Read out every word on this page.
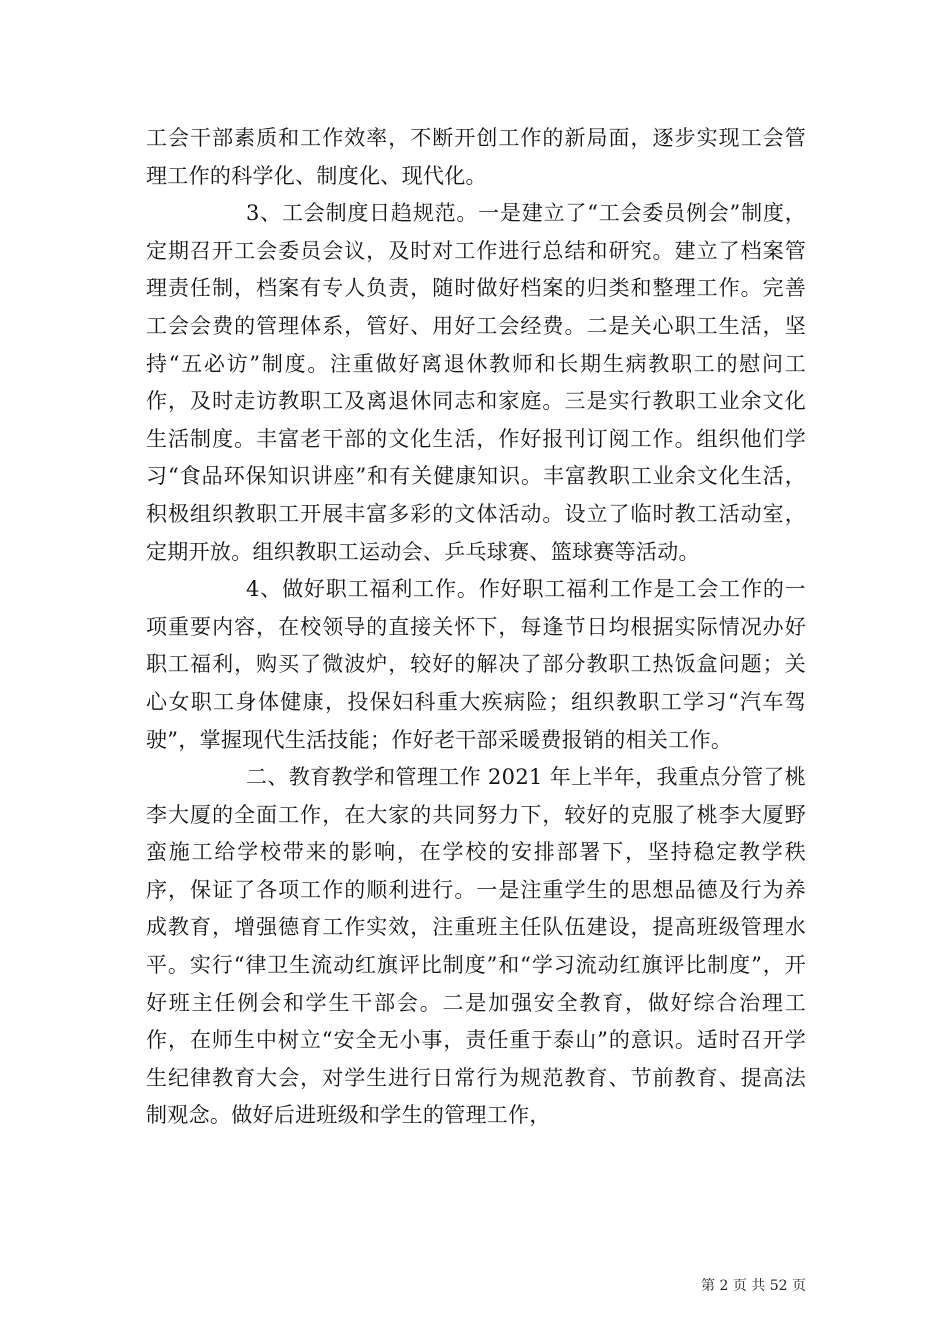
工会干部素质和工作效率，不断开创工作的新局面，逐步实现工会管理工作的科学化、制度化、现代化。

3、工会制度日趋规范。一是建立了“工会委员例会”制度，定期召开工会委员会议，及时对工作进行总结和研究。建立了档案管理责任制，档案有专人负责，随时做好档案的归类和整理工作。完善工会会费的管理体系，管好、用好工会经费。二是关心职工生活，坚持“五必访”制度。注重做好离退休教师和长期生病教职工的慰问工作，及时走访教职工及离退休同志和家庭。三是实行教职工业余文化生活制度。丰富老干部的文化生活，作好报刊订阅工作。组织他们学习“食品环保知识讲座”和有关健康知识。丰富教职工业余文化生活，积极组织教职工开展丰富多彩的文体活动。设立了临时教工活动室，定期开放。组织教职工运动会、乒乓球赛、篮球赛等活动。

4、做好职工福利工作。作好职工福利工作是工会工作的一项重要内容，在校领导的直接关怀下，每逢节日均根据实际情况办好职工福利，购买了微波炉，较好的解决了部分教职工热饭盒问题；关心女职工身体健康，投保妇科重大疾病险；组织教职工学习“汽车驾驶”，掌握现代生活技能；作好老干部采暖费报销的相关工作。

二、教育教学和管理工作 2021 年上半年，我重点分管了桃李大厦的全面工作，在大家的共同努力下，较好的克服了桃李大厦野蛮施工给学校带来的影响，在学校的安排部署下，坚持稳定教学秩序，保证了各项工作的顺利进行。一是注重学生的思想品德及行为养成教育，增强德育工作实效，注重班主任队伍建设，提高班级管理水平。实行“律卫生流动红旗评比制度”和“学习流动红旗评比制度”，开好班主任例会和学生干部会。二是加强安全教育，做好综合治理工作，在师生中树立“安全无小事，责任重于泰山”的意识。适时召开学生纪律教育大会，对学生进行日常行为规范教育、节前教育、提高法制观念。做好后进班级和学生的管理工作，

第 2 页 共 52 页
